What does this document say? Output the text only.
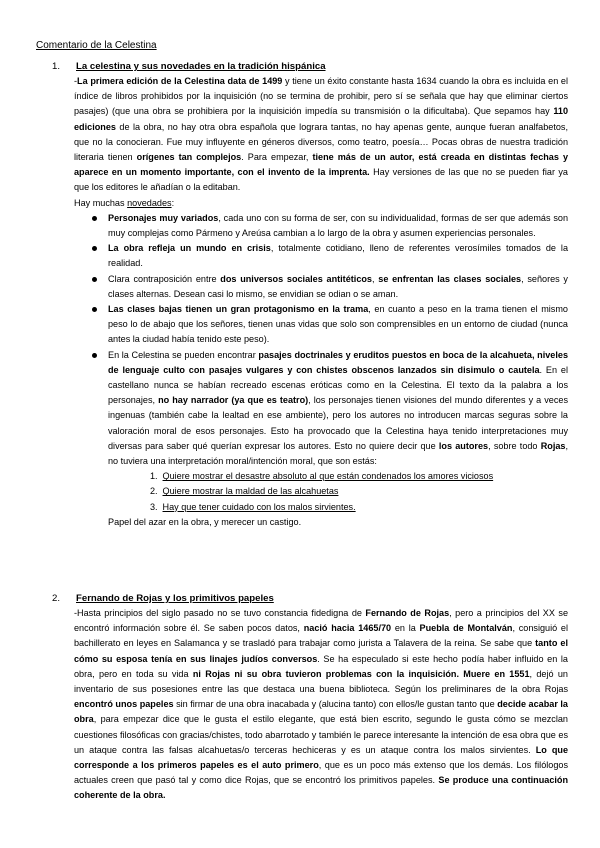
Comentario de la Celestina
1. La celestina y sus novedades en la tradición hispánica
-La primera edición de la Celestina data de 1499 y tiene un éxito constante hasta 1634 cuando la obra es incluida en el índice de libros prohibidos por la inquisición (no se termina de prohibir, pero sí se señala que hay que eliminar ciertos pasajes) (que una obra se prohibiera por la inquisición impedía su transmisión o la dificultaba). Que sepamos hay 110 ediciones de la obra, no hay otra obra española que lograra tantas, no hay apenas gente, aunque fueran analfabetos, que no la conocieran. Fue muy influyente en géneros diversos, como teatro, poesía… Pocas obras de nuestra tradición literaria tienen orígenes tan complejos. Para empezar, tiene más de un autor, está creada en distintas fechas y aparece en un momento importante, con el invento de la imprenta. Hay versiones de las que no se pueden fiar ya que los editores le añadían o la editaban.
Hay muchas novedades:
Personajes muy variados, cada uno con su forma de ser, con su individualidad, formas de ser que además son muy complejas como Pármeno y Areúsa cambian a lo largo de la obra y asumen experiencias personales.
La obra refleja un mundo en crisis, totalmente cotidiano, lleno de referentes verosímiles tomados de la realidad.
Clara contraposición entre dos universos sociales antitéticos, se enfrentan las clases sociales, señores y clases alternas. Desean casi lo mismo, se envidian se odian o se aman.
Las clases bajas tienen un gran protagonismo en la trama, en cuanto a peso en la trama tienen el mismo peso lo de abajo que los señores, tienen unas vidas que solo son comprensibles en un entorno de ciudad (nunca antes la ciudad había tenido este peso).
En la Celestina se pueden encontrar pasajes doctrinales y eruditos puestos en boca de la alcahueta, niveles de lenguaje culto con pasajes vulgares y con chistes obscenos lanzados sin disimulo o cautela. En el castellano nunca se habían recreado escenas eróticas como en la Celestina. El texto da la palabra a los personajes, no hay narrador (ya que es teatro), los personajes tienen visiones del mundo diferentes y a veces ingenuas (también cabe la lealtad en ese ambiente), pero los autores no introducen marcas seguras sobre la valoración moral de esos personajes. Esto ha provocado que la Celestina haya tenido interpretaciones muy diversas para saber qué querían expresar los autores. Esto no quiere decir que los autores, sobre todo Rojas, no tuviera una interpretación moral/intención moral, que son estás:
1. Quiere mostrar el desastre absoluto al que están condenados los amores viciosos
2. Quiere mostrar la maldad de las alcahuetas
3. Hay que tener cuidado con los malos sirvientes.
Papel del azar en la obra, y merecer un castigo.
2. Fernando de Rojas y los primitivos papeles
-Hasta principios del siglo pasado no se tuvo constancia fidedigna de Fernando de Rojas, pero a principios del XX se encontró información sobre él. Se saben pocos datos, nació hacia 1465/70 en la Puebla de Montalván, consiguió el bachillerato en leyes en Salamanca y se trasladó para trabajar como jurista a Talavera de la reina. Se sabe que tanto el cómo su esposa tenía en sus linajes judíos conversos. Se ha especulado si este hecho podía haber influido en la obra, pero en toda su vida ni Rojas ni su obra tuvieron problemas con la inquisición. Muere en 1551, dejó un inventario de sus posesiones entre las que destaca una buena biblioteca. Según los preliminares de la obra Rojas encontró unos papeles sin firmar de una obra inacabada y (alucina tanto) con ellos/le gustan tanto que decide acabar la obra, para empezar dice que le gusta el estilo elegante, que está bien escrito, segundo le gusta cómo se mezclan cuestiones filosóficas con gracias/chistes, todo abarrotado y también le parece interesante la intención de esa obra que es un ataque contra las falsas alcahuetas/o terceras hechiceras y es un ataque contra los malos sirvientes. Lo que corresponde a los primeros papeles es el auto primero, que es un poco más extenso que los demás. Los filólogos actuales creen que pasó tal y como dice Rojas, que se encontró los primitivos papeles. Se produce una continuación coherente de la obra.
